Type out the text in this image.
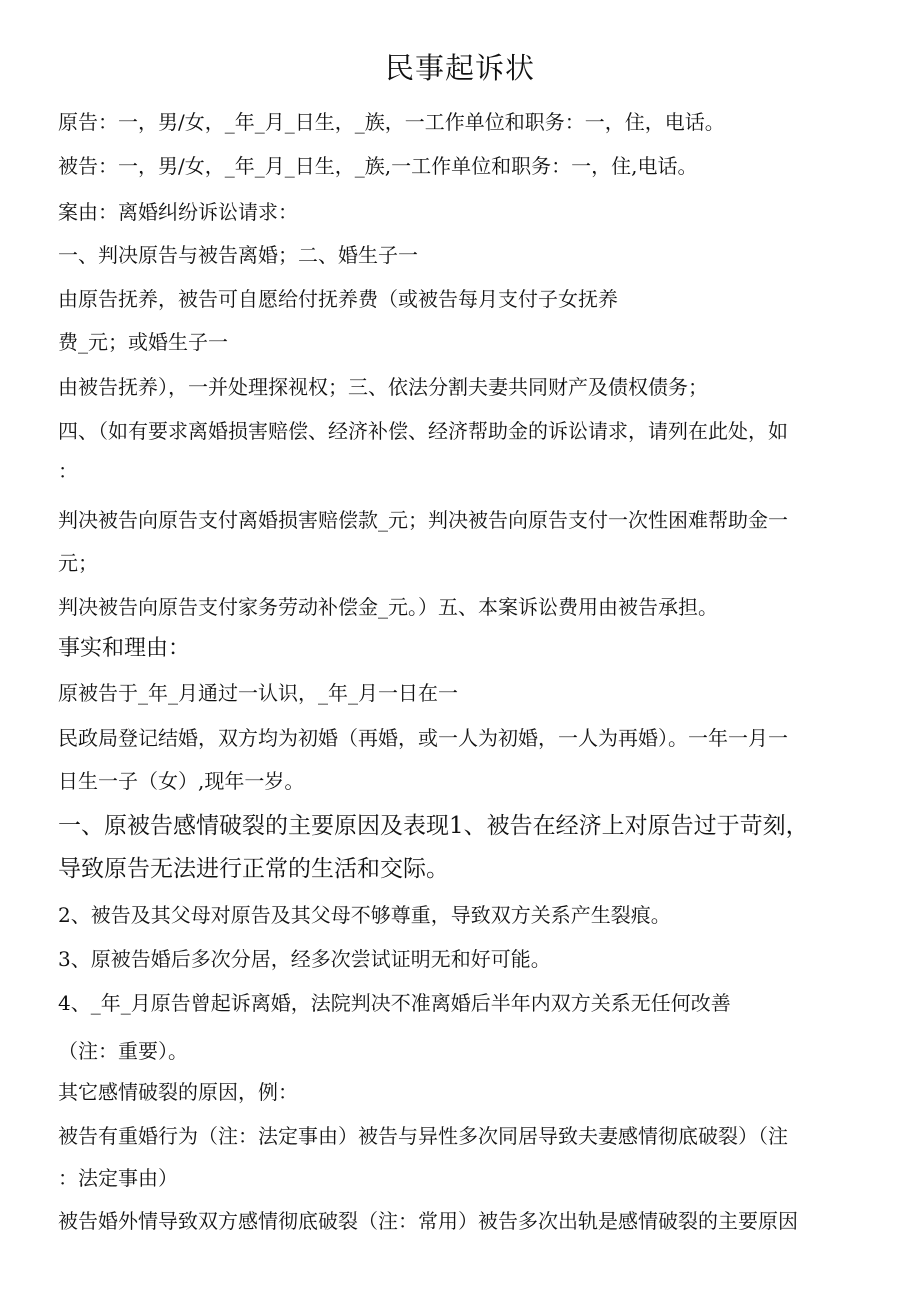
民事起诉状
原告：一，男/女，_年_月_日生，_族，一工作单位和职务：一，住，电话。
被告：一，男/女，_年_月_日生，_族,一工作单位和职务：一，住,电话。
案由：离婚纠纷诉讼请求：
一、判决原告与被告离婚；二、婚生子一
由原告抚养，被告可自愿给付抚养费（或被告每月支付子女抚养
费_元；或婚生子一
由被告抚养），一并处理探视权；三、依法分割夫妻共同财产及债权债务；
四、（如有要求离婚损害赔偿、经济补偿、经济帮助金的诉讼请求，请列在此处，如
：
判决被告向原告支付离婚损害赔偿款_元；判决被告向原告支付一次性困难帮助金一
元；
判决被告向原告支付家务劳动补偿金_元。）五、本案诉讼费用由被告承担。
事实和理由：
原被告于_年_月通过一认识，_年_月一日在一
民政局登记结婚，双方均为初婚（再婚，或一人为初婚，一人为再婚）。一年一月一
日生一子（女）,现年一岁。
一、原被告感情破裂的主要原因及表现1、被告在经济上对原告过于苛刻，
导致原告无法进行正常的生活和交际。
2、被告及其父母对原告及其父母不够尊重，导致双方关系产生裂痕。
3、原被告婚后多次分居，经多次尝试证明无和好可能。
4、_年_月原告曾起诉离婚，法院判决不准离婚后半年内双方关系无任何改善
（注：重要）。
其它感情破裂的原因，例：
被告有重婚行为（注：法定事由）被告与异性多次同居导致夫妻感情彻底破裂）（注
：法定事由）
被告婚外情导致双方感情彻底破裂（注：常用）被告多次出轨是感情破裂的主要原因
